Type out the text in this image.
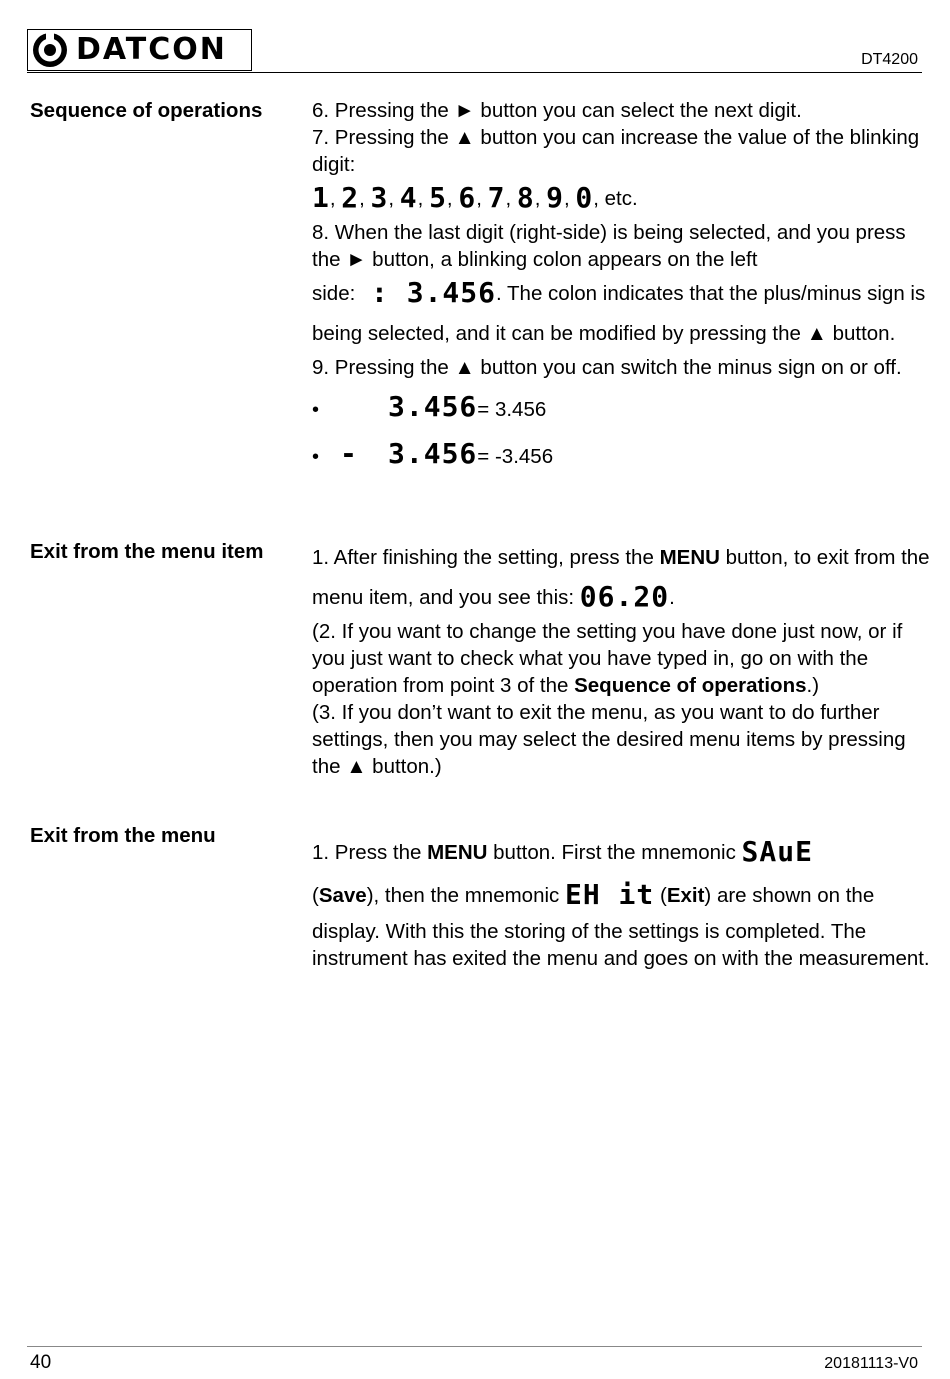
DATCON	DT4200
Sequence of operations 6. Pressing the ► button you can select the next digit.

7. Pressing the ▲ button you can increase the value of the blinking digit:

1, 2, 3, 4, 5, 6, 7, 8, 9, 0, etc.

8. When the last digit (right-side) is being selected, and you press the ► button, a blinking colon appears on the left

side: : 3.456. The colon indicates that the plus/minus sign is being selected, and it can be modified by pressing the ▲ button.

9. Pressing the ▲ button you can switch the minus sign on or off.

•	3.456 = 3.456
• -	3.456 = -3.456
Exit from the menu item 1. After finishing the setting, press the MENU button, to exit from the menu item, and you see this: 06.20.

(2. If you want to change the setting you have done just now, or if you just want to check what you have typed in, go on with the operation from point 3 of the Sequence of operations.)

(3. If you don’t want to exit the menu, as you want to do further settings, then you may select the desired menu items by pressing the ▲ button.)

Exit from the menu

1. Press the MENU button. First the mnemonic SAuE
(Save), then the mnemonic EH it (Exit) are shown on the display. With this the storing of the settings is completed. The instrument has exited the menu and goes on with the measurement.

40	20181113-V0
